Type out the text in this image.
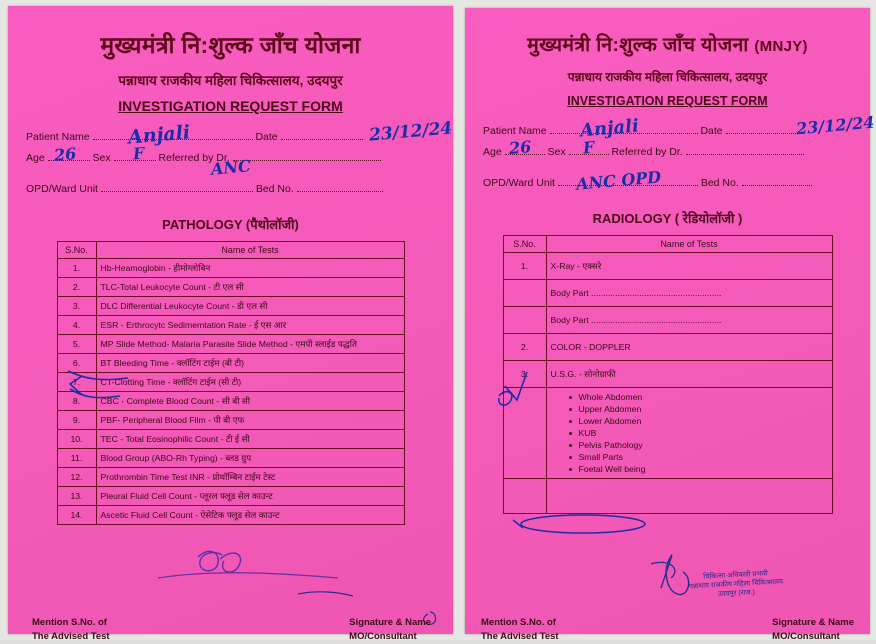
मुख्यमंत्री नि:शुल्क जाँच योजना
पन्नाधाय राजकीय महिला चिकित्सालय, उदयपुर
INVESTIGATION REQUEST FORM
Patient Name	Date
Anjali	23/12/24
Age	Sex	Referred by Dr.
26	F
ANC
OPD/Ward Unit	Bed No.
PATHOLOGY (पैथोलॉजी)
S.No.	Name of Tests
1.	Hb-Heamoglobin - हीमोग्लोबिन
2.	TLC-Total Leukocyte Count - टी एल सी
3.	DLC Differential Leukocyte Count - डी एल सी
4.	ESR - Erthrocytc Sedimemtation Rate - ई एस आर
5.	MP Slide Method- Malaria Parasite Slide Method - एमपी स्लाईड पद्धति
6.	BT Bleeding Time - क्लॉटिंग टाईम (बी टी)
7.	CT-Clotting Time - क्लॉटिंग टाईम (सी टी)
8.	CBC - Complete Blood Count - सी बी सी
9.	PBF- Peripheral Blood Film - पी बी एफ
10.	TEC - Total Eosinophilic Count - टी ई सी
11.	Blood Group (ABO-Rh Typing) - ब्लड ग्रुप
12.	Prothrombin Time Test INR - प्रोथॉम्बिन टाईम टेस्ट
13.	Pleural Fluid Cell Count - प्लूरल फ्लूड सेल काउन्ट
14.	Ascetic Fluid Cell Count - ऐसेटिक फ्लूड सेल काउन्ट
Mention S.No. of
The Advised Test
Signature & Name
MO/Consultant
मुख्यमंत्री नि:शुल्क जाँच योजना (MNJY)
पन्नाधाय राजकीय महिला चिकित्सालय, उदयपुर
INVESTIGATION REQUEST FORM
Patient Name	Date
Anjali	23/12/24
Age	Sex	Referred by Dr.
26	F
OPD/Ward Unit	Bed No.
ANC OPD
RADIOLOGY ( रेडियोलॉजी )
S.No.	Name of Tests
1.	X-Ray - एक्सरे
	Body Part ......................................................
	Body Part ......................................................
2.	COLOR - DOPPLER
3.	U.S.G. - सोनोग्राफी

Whole Abdomen
Upper Abdomen
Lower Abdomen
KUB
Pelvis Pathology
Small Parts
Foetal Well being

चिकित्सा अधिकारी प्रभारी
पन्नाधाय राजकीय महिला चिकित्सालय
उदयपुर (राज.)
Mention S.No. of
The Advised Test
Signature & Name
MO/Consultant
